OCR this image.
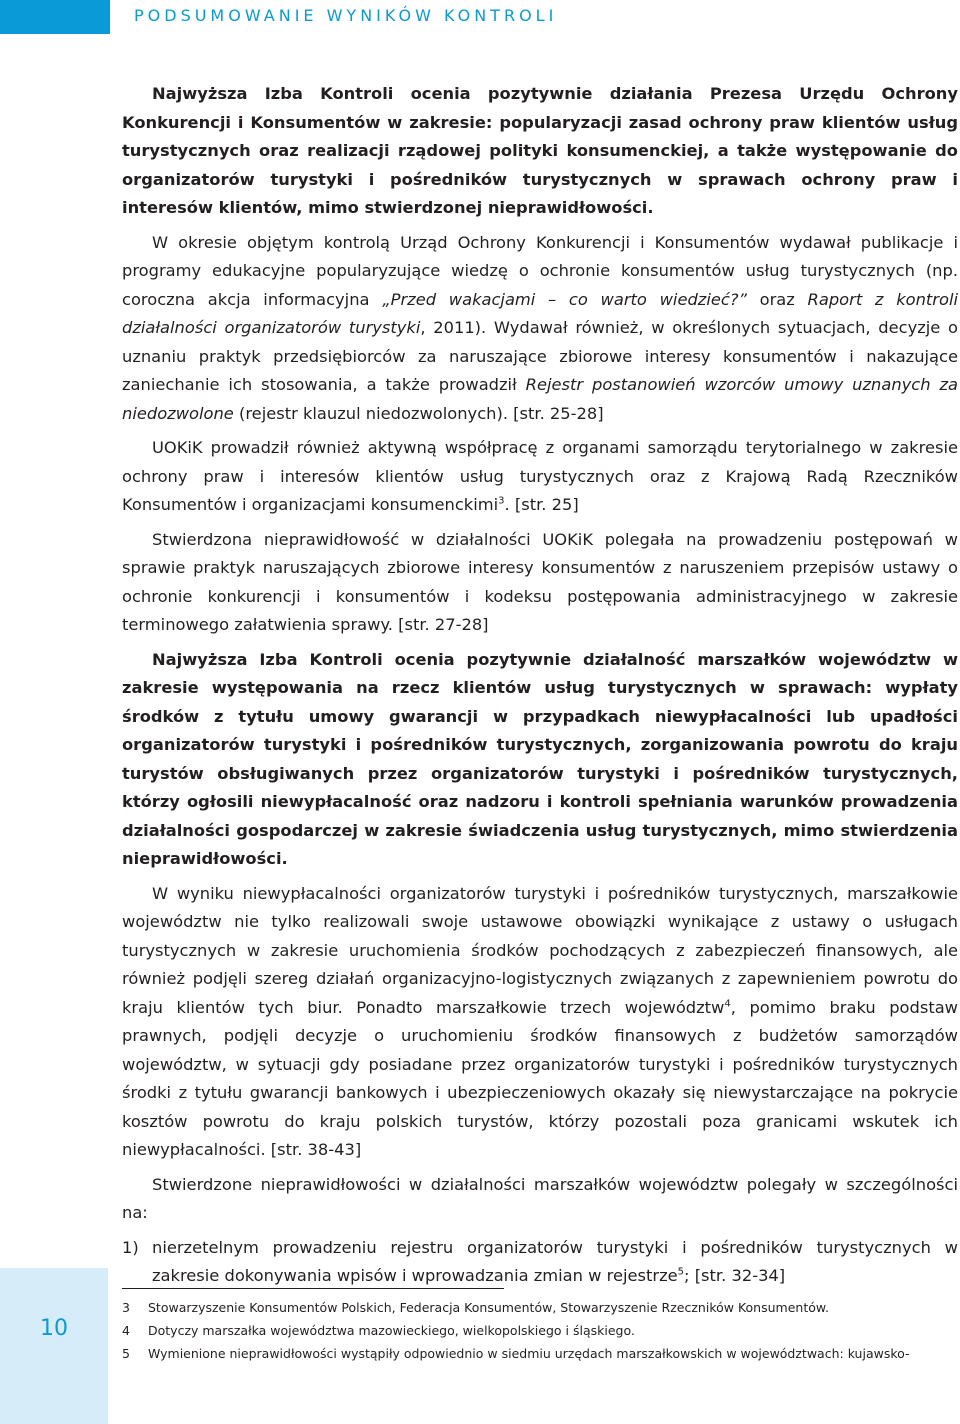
PODSUMOWANIE WYNIKÓW KONTROLI

Najwyższa Izba Kontroli ocenia pozytywnie działania Prezesa Urzędu Ochrony Konkurencji i Konsumentów w zakresie: popularyzacji zasad ochrony praw klientów usług turystycznych oraz realizacji rządowej polityki konsumenckiej, a także występowanie do organizatorów turystyki i pośredników turystycznych w sprawach ochrony praw i interesów klientów, mimo stwierdzonej nieprawidłowości.

W okresie objętym kontrolą Urząd Ochrony Konkurencji i Konsumentów wydawał publikacje i programy edukacyjne popularyzujące wiedzę o ochronie konsumentów usług turystycznych (np. coroczna akcja informacyjna „Przed wakacjami – co warto wiedzieć?” oraz Raport z kontroli działalności organizatorów turystyki, 2011). Wydawał również, w określonych sytuacjach, decyzje o uznaniu praktyk przedsiębiorców za naruszające zbiorowe interesy konsumentów i nakazujące zaniechanie ich stosowania, a także prowadził Rejestr postanowień wzorców umowy uznanych za niedozwolone (rejestr klauzul niedozwolonych). [str. 25-28]

UOKiK prowadził również aktywną współpracę z organami samorządu terytorialnego w zakresie ochrony praw i interesów klientów usług turystycznych oraz z Krajową Radą Rzeczników Konsumentów i organizacjami konsumenckimi$^3$. [str. 25]

Stwierdzona nieprawidłowość w działalności UOKiK polegała na prowadzeniu postępowań w sprawie praktyk naruszających zbiorowe interesy konsumentów z naruszeniem przepisów ustawy o ochronie konkurencji i konsumentów i kodeksu postępowania administracyjnego w zakresie terminowego załatwienia sprawy. [str. 27-28]

Najwyższa Izba Kontroli ocenia pozytywnie działalność marszałków województw w zakresie występowania na rzecz klientów usług turystycznych w sprawach: wypłaty środków z tytułu umowy gwarancji w przypadkach niewypłacalności lub upadłości organizatorów turystyki i pośredników turystycznych, zorganizowania powrotu do kraju turystów obsługiwanych przez organizatorów turystyki i pośredników turystycznych, którzy ogłosili niewypłacalność oraz nadzoru i kontroli spełniania warunków prowadzenia działalności gospodarczej w zakresie świadczenia usług turystycznych, mimo stwierdzenia nieprawidłowości.

W wyniku niewypłacalności organizatorów turystyki i pośredników turystycznych, marszałkowie województw nie tylko realizowali swoje ustawowe obowiązki wynikające z ustawy o usługach turystycznych w zakresie uruchomienia środków pochodzących z zabezpieczeń finansowych, ale również podjęli szereg działań organizacyjno-logistycznych związanych z zapewnieniem powrotu do kraju klientów tych biur. Ponadto marszałkowie trzech województw$^4$, pomimo braku podstaw prawnych, podjęli decyzje o uruchomieniu środków finansowych z budżetów samorządów województw, w sytuacji gdy posiadane przez organizatorów turystyki i pośredników turystycznych środki z tytułu gwarancji bankowych i ubezpieczeniowych okazały się niewystarczające na pokrycie kosztów powrotu do kraju polskich turystów, którzy pozostali poza granicami wskutek ich niewypłacalności. [str. 38-43]

Stwierdzone nieprawidłowości w działalności marszałków województw polegały w szczególności na:

1) nierzetelnym prowadzeniu rejestru organizatorów turystyki i pośredników turystycznych w zakresie dokonywania wpisów i wprowadzania zmian w rejestrze$^5$; [str. 32-34]
10
3	Stowarzyszenie Konsumentów Polskich, Federacja Konsumentów, Stowarzyszenie Rzeczników Konsumentów.
4	Dotyczy marszałka województwa mazowieckiego, wielkopolskiego i śląskiego.
5	Wymienione nieprawidłowości wystąpiły odpowiednio w siedmiu urzędach marszałkowskich w województwach: kujawsko-
